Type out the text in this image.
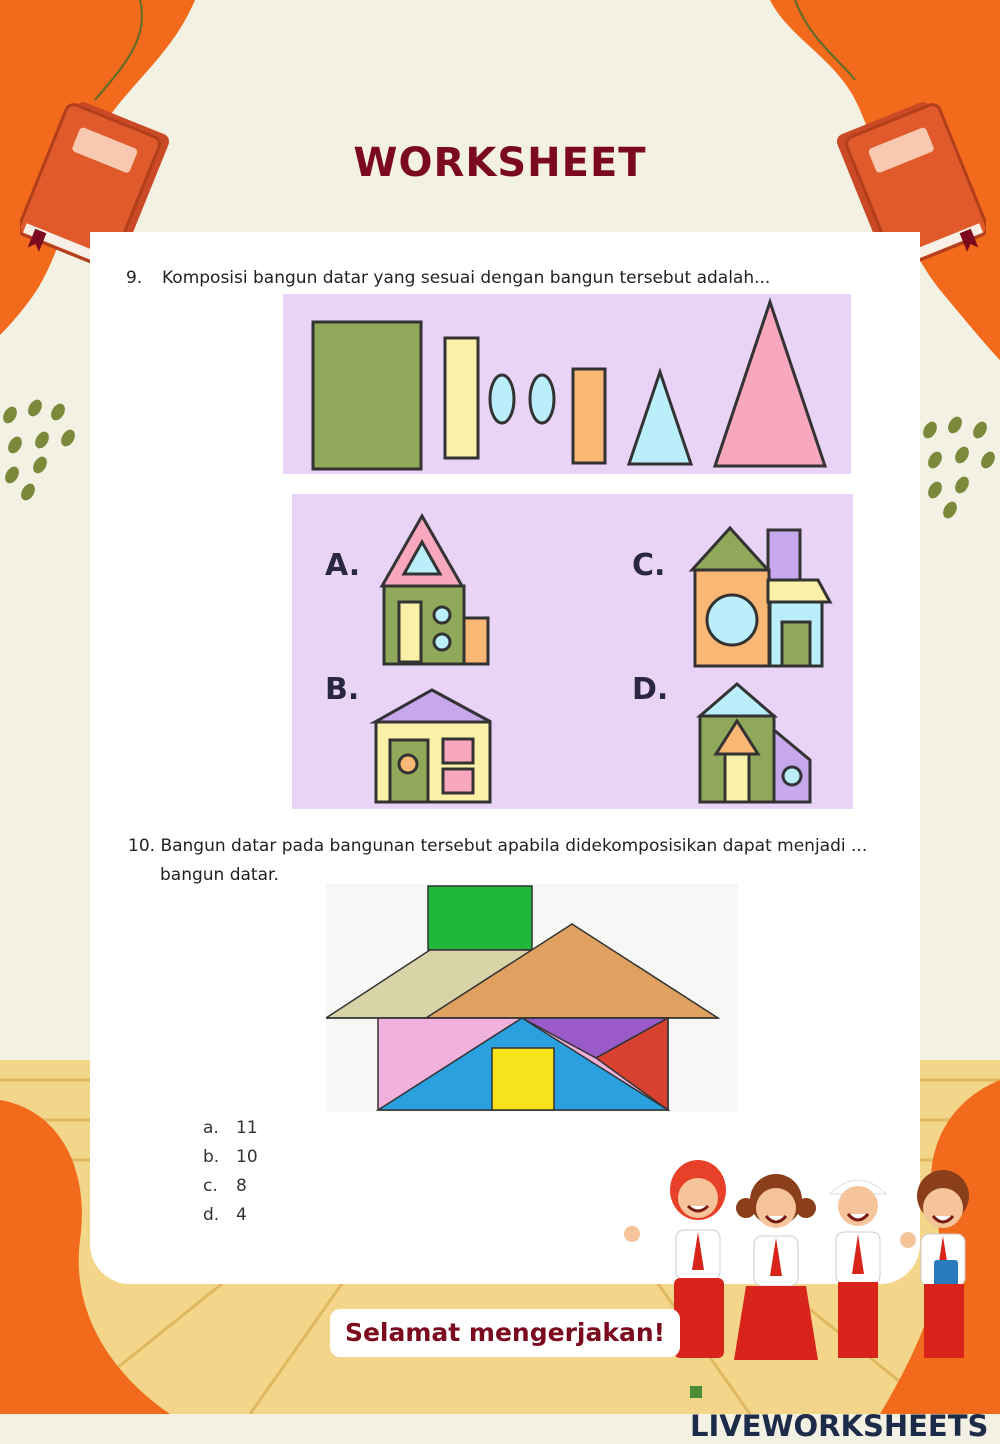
WORKSHEET
9. Komposisi bangun datar yang sesuai dengan bangun tersebut adalah...
A.	C.
B.	D.
10. Bangun datar pada bangunan tersebut apabila didekomposisikan dapat menjadi ...
bangun datar.
a. 11
b. 10
c. 8
d. 4
Selamat mengerjakan!
LIVEWORKSHEETS
